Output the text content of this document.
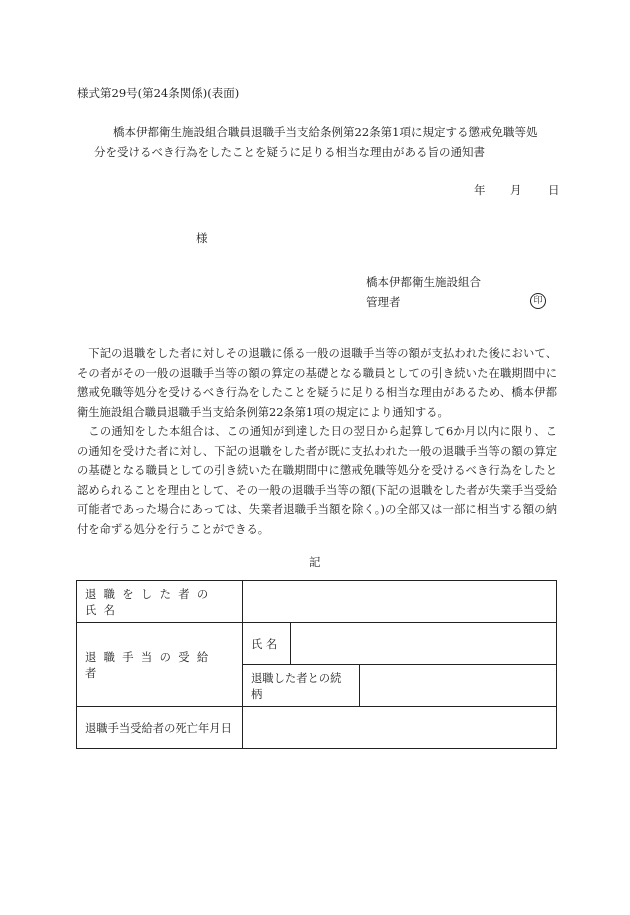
様式第29号(第24条関係)(表面)
橋本伊都衛生施設組合職員退職手当支給条例第22条第1項に規定する懲戒免職等処
分を受けるべき行為をしたことを疑うに足りる相当な理由がある旨の通知書
年 月 日
様
橋本伊都衛生施設組合
管理者	印
下記の退職をした者に対しその退職に係る一般の退職手当等の額が支払われた後において、その者がその一般の退職手当等の額の算定の基礎となる職員としての引き続いた在職期間中に懲戒免職等処分を受けるべき行為をしたことを疑うに足りる相当な理由があるため、橋本伊都衛生施設組合職員退職手当支給条例第22条第1項の規定により通知する。
この通知をした本組合は、この通知が到達した日の翌日から起算して6か月以内に限り、この通知を受けた者に対し、下記の退職をした者が既に支払われた一般の退職手当等の額の算定の基礎となる職員としての引き続いた在職期間中に懲戒免職等処分を受けるべき行為をしたと認められることを理由として、その一般の退職手当等の額(下記の退職をした者が失業手当受給可能者であった場合にあっては、失業者退職手当額を除く。)の全部又は一部に相当する額の納付を命ずる処分を行うことができる。
記
退職をした者の氏名			
退職手当の受給者	氏 名		
	退職した者との続柄		
退職手当受給者の死亡年月日			
